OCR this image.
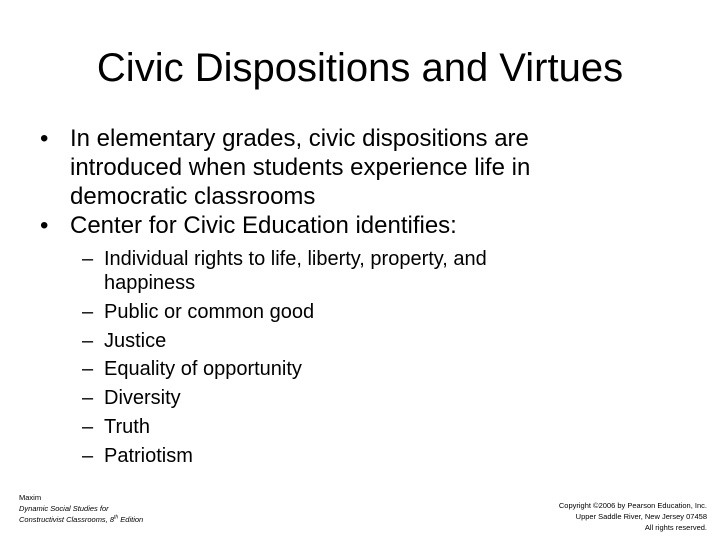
Civic Dispositions and Virtues
• In elementary grades, civic dispositions are introduced when students experience life in democratic classrooms
• Center for Civic Education identifies:
– Individual rights to life, liberty, property, and happiness
– Public or common good
– Justice
– Equality of opportunity
– Diversity
– Truth
– Patriotism
Maxim
Dynamic Social Studies for
Constructivist Classrooms, 8th Edition
Copyright ©2006 by Pearson Education, Inc.
Upper Saddle River, New Jersey 07458
All rights reserved.
